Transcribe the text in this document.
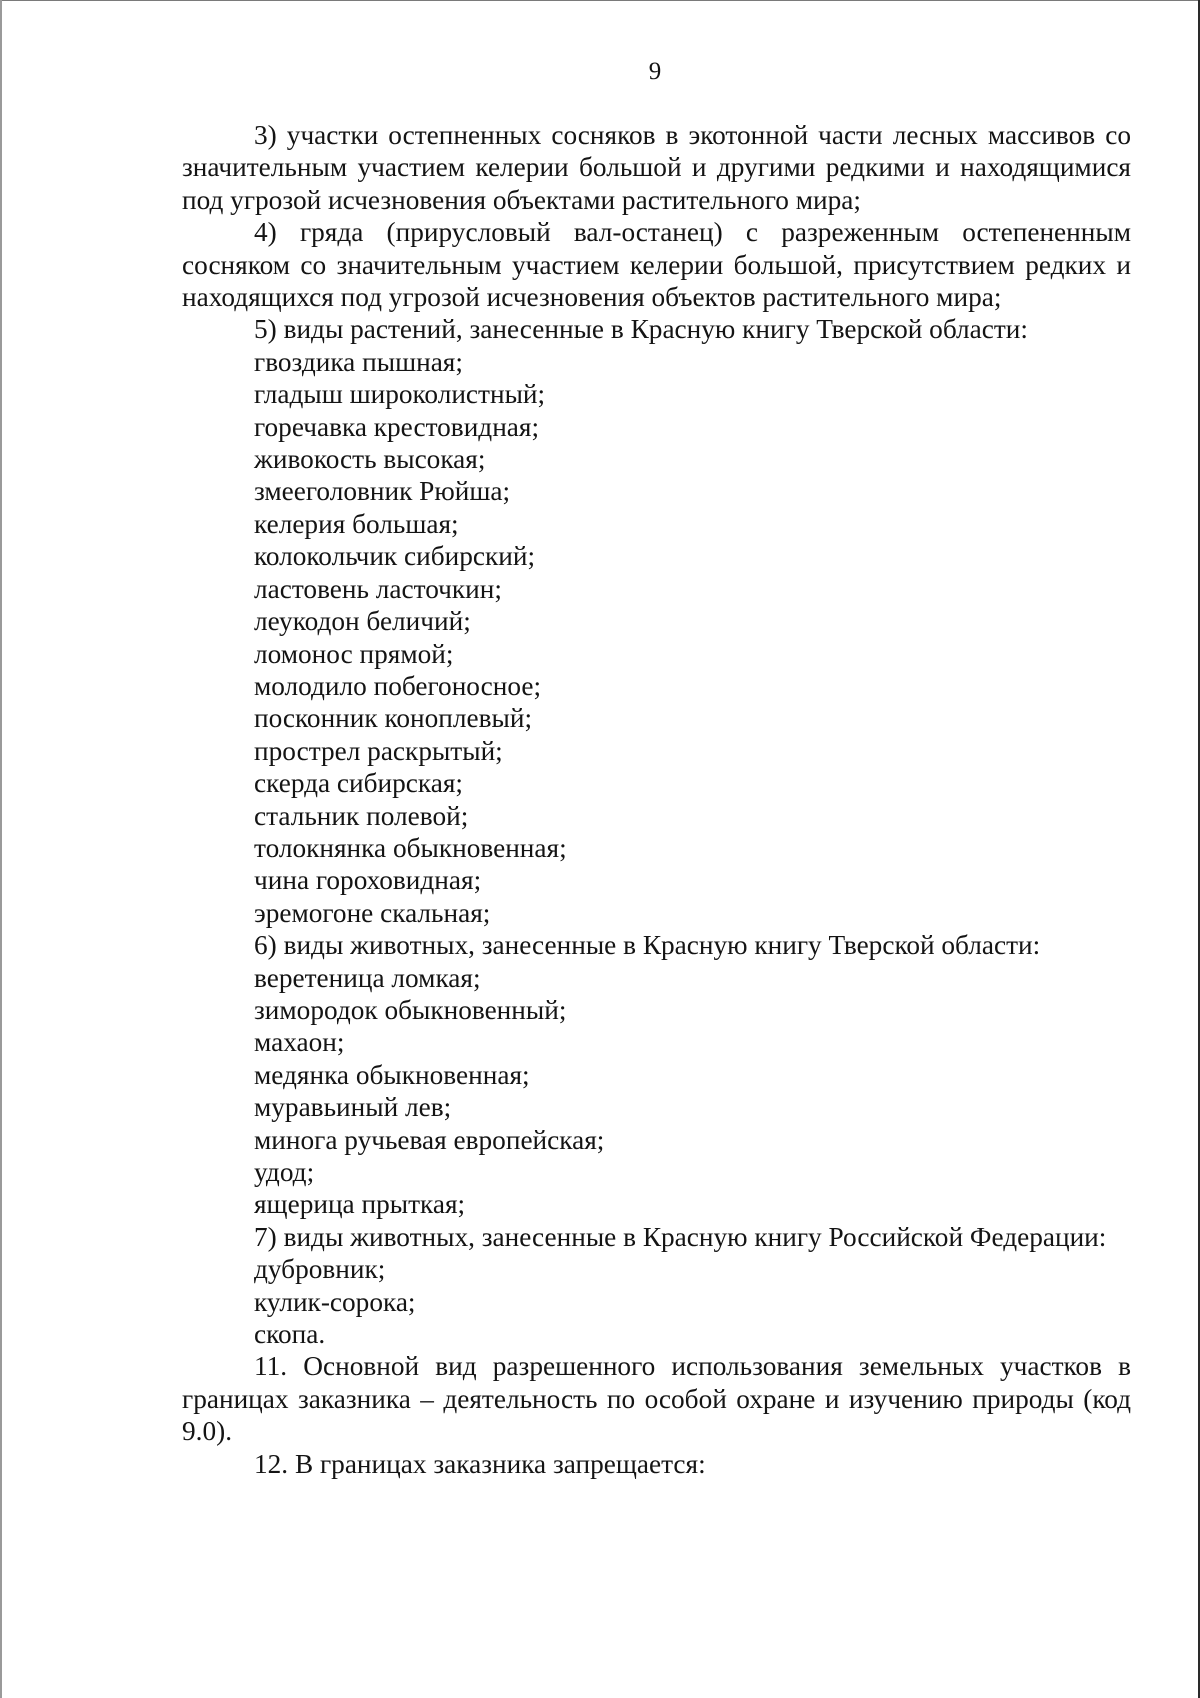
9

3) участки остепненных сосняков в экотонной части лесных массивов со значительным участием келерии большой и другими редкими и находящимися под угрозой исчезновения объектами растительного мира;

4) гряда (прирусловый вал-останец) с разреженным остепененным сосняком со значительным участием келерии большой, присутствием редких и находящихся под угрозой исчезновения объектов растительного мира;

5) виды растений, занесенные в Красную книгу Тверской области:

гвоздика пышная;

гладыш широколистный;

горечавка крестовидная;

живокость высокая;

змееголовник Рюйша;

келерия большая;

колокольчик сибирский;

ластовень ласточкин;

леукодон беличий;

ломонос прямой;

молодило побегоносное;

посконник коноплевый;

прострел раскрытый;

скерда сибирская;

стальник полевой;

толокнянка обыкновенная;

чина гороховидная;

эремогоне скальная;

6) виды животных, занесенные в Красную книгу Тверской области:

веретеница ломкая;

зимородок обыкновенный;

махаон;

медянка обыкновенная;

муравьиный лев;

минога ручьевая европейская;

удод;

ящерица прыткая;

7) виды животных, занесенные в Красную книгу Российской Федерации:

дубровник;

кулик-сорока;

скопа.

11. Основной вид разрешенного использования земельных участков в границах заказника – деятельность по особой охране и изучению природы (код 9.0).

12. В границах заказника запрещается:
